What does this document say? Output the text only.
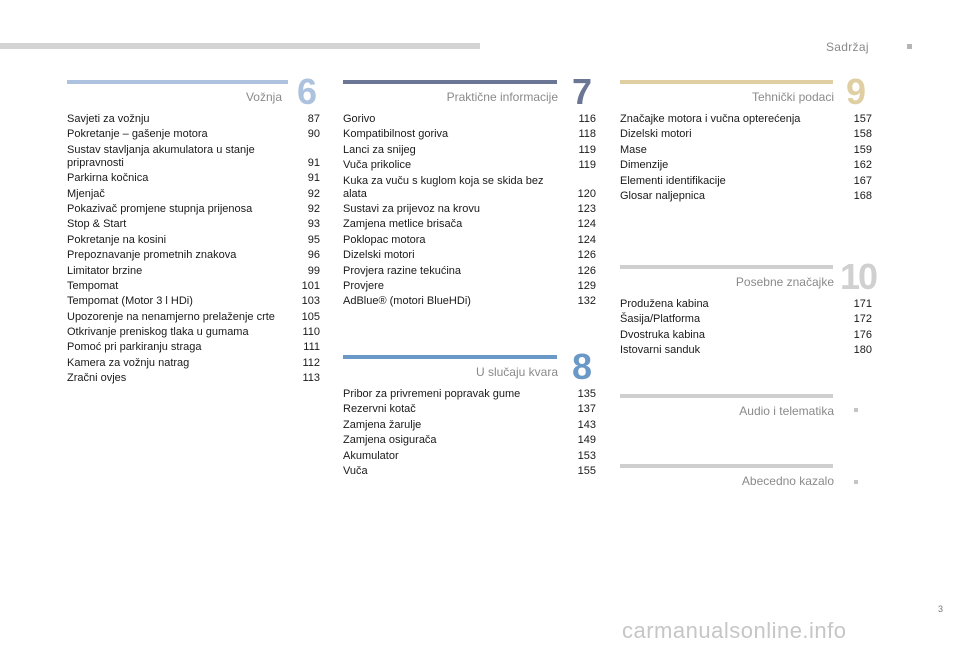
Sadržaj
Vožnja 6
Savjeti za vožnju	87
Pokretanje – gašenje motora	90
Sustav stavljanja akumulatora u stanje pripravnosti	91
Parkirna kočnica	91
Mjenjač	92
Pokazivač promjene stupnja prijenosa	92
Stop & Start	93
Pokretanje na kosini	95
Prepoznavanje prometnih znakova	96
Limitator brzine	99
Tempomat	101
Tempomat (Motor 3 l HDi)	103
Upozorenje na nenamjerno prelaženje crte	105
Otkrivanje preniskog tlaka u gumama	110
Pomoć pri parkiranju straga	111
Kamera za vožnju natrag	112
Zračni ovjes	113
Praktične informacije 7
Gorivo	116
Kompatibilnost goriva	118
Lanci za snijeg	119
Vuča prikolice	119
Kuka za vuču s kuglom koja se skida bez alata	120
Sustavi za prijevoz na krovu	123
Zamjena metlice brisača	124
Poklopac motora	124
Dizelski motori	126
Provjera razine tekućina	126
Provjere	129
AdBlue® (motori BlueHDi)	132
U slučaju kvara 8
Pribor za privremeni popravak gume	135
Rezervni kotač	137
Zamjena žarulje	143
Zamjena osigurača	149
Akumulator	153
Vuča	155
Tehnički podaci 9
Značajke motora i vučna opterećenja	157
Dizelski motori	158
Mase	159
Dimenzije	162
Elementi identifikacije	167
Glosar naljepnica	168
Posebne značajke 10
Produžena kabina	171
Šasija/Platforma	172
Dvostruka kabina	176
Istovarni sanduk	180
Audio i telematika
Abecedno kazalo
3
carmanualsonline.info
